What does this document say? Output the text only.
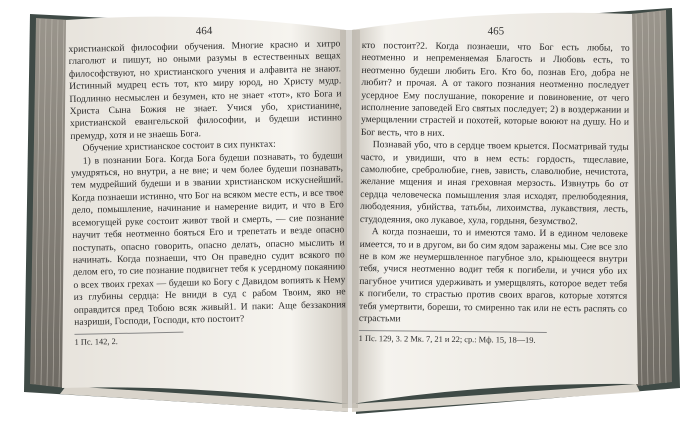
464

христианской философии обучения. Многие красно и хитро глаголют и пишут, но оными разумы в естественных вещах философствуют, но христианского учения и алфавита не знают. Истинный мудрец есть тот, кто миру юрод, но Христу мудр. Подлинно несмыслен и безумен, кто не знает «тот», кто Бога и Христа Сына Божия не знает. Учися убо, христианине, христианской евангельской философии, и будеши истинно премудр, хотя и не знаешь Бога.

Обучение христианское состоит в сих пунктах:

1) в познании Бога. Когда Бога будеши познавать, то будеши умудряться, но внутри, а не вне; и чем более будеши познавать, тем мудрейший будеши и в звании христианском искуснейший. Когда познаеши истинно, что Бог на всяком месте есть, и все твое дело, помышление, начинание и намерение видит, и что в Его всемогущей руке состоит живот твой и смерть, — сие познание научит тебя неотменно бояться Его и трепетать и везде опасно поступать, опасно говорить, опасно делать, опасно мыслить и начинать. Когда познаеши, что Он праведно судит всякого по делом его, то сие познание подвигнет тебя к усердному покаянию о всех твоих грехах — будеши ко Богу с Давидом вопиять к Нему из глубины сердца: Не вниди в суд с рабом Твоим, яко не оправдится пред Тобою всяк живый1. И паки: Аще беззакония назриши, Господи, Господи, кто постоит?

1 Пс. 142, 2.
465

кто постоит?2. Когда познаеши, что Бог есть любы, то неотменно и непременяемая Благость и Любовь есть, то неотменно будеши любить Его. Кто бо, познав Его, добра не любит? и прочая. А от такого познания неотменно последует усердное Ему послушание, покорение и повиновение, от чего исполнение заповедей Его святых последует; 2) в воздержании и умерщвлении страстей и похотей, которые воюют на душу. Но и Бог весть, что в них.

Познавай убо, что в сердце твоем крыется. Посматривай туды часто, и увидиши, что в нем есть: гордость, тщеславие, самолюбие, сребролюбие, гнев, зависть, славолюбие, нечистота, желание мщения и иная греховная мерзость. Извнутрь бо от сердца человеческа помышления злая исходят, прелюбодеяния, любодеяния, убийства, татьбы, лихоимства, лукавствия, лесть, студодеяния, око лукавое, хула, гордыня, безумство2.

А когда познаеши, то и имеются тамо. И в едином человеке имеется, то и в другом, ви бо сим ядом заражены мы. Сие все зло не в ком же неумершвленное пагубное зло, крыющееся внутри тебя, учися неотменно водит тебя к погибели, и учися убо их пагубное учитися удерживать и умерщвлять, которое ведет тебя к погибели, то страстью против своих врагов, которые хотятся тебя умертвити, бореши, то смиренно так или не есть распять со страстьми

1 Пс. 129, 3. 2 Мк. 7, 21 и 22; ср.: Мф. 15, 18—19.
